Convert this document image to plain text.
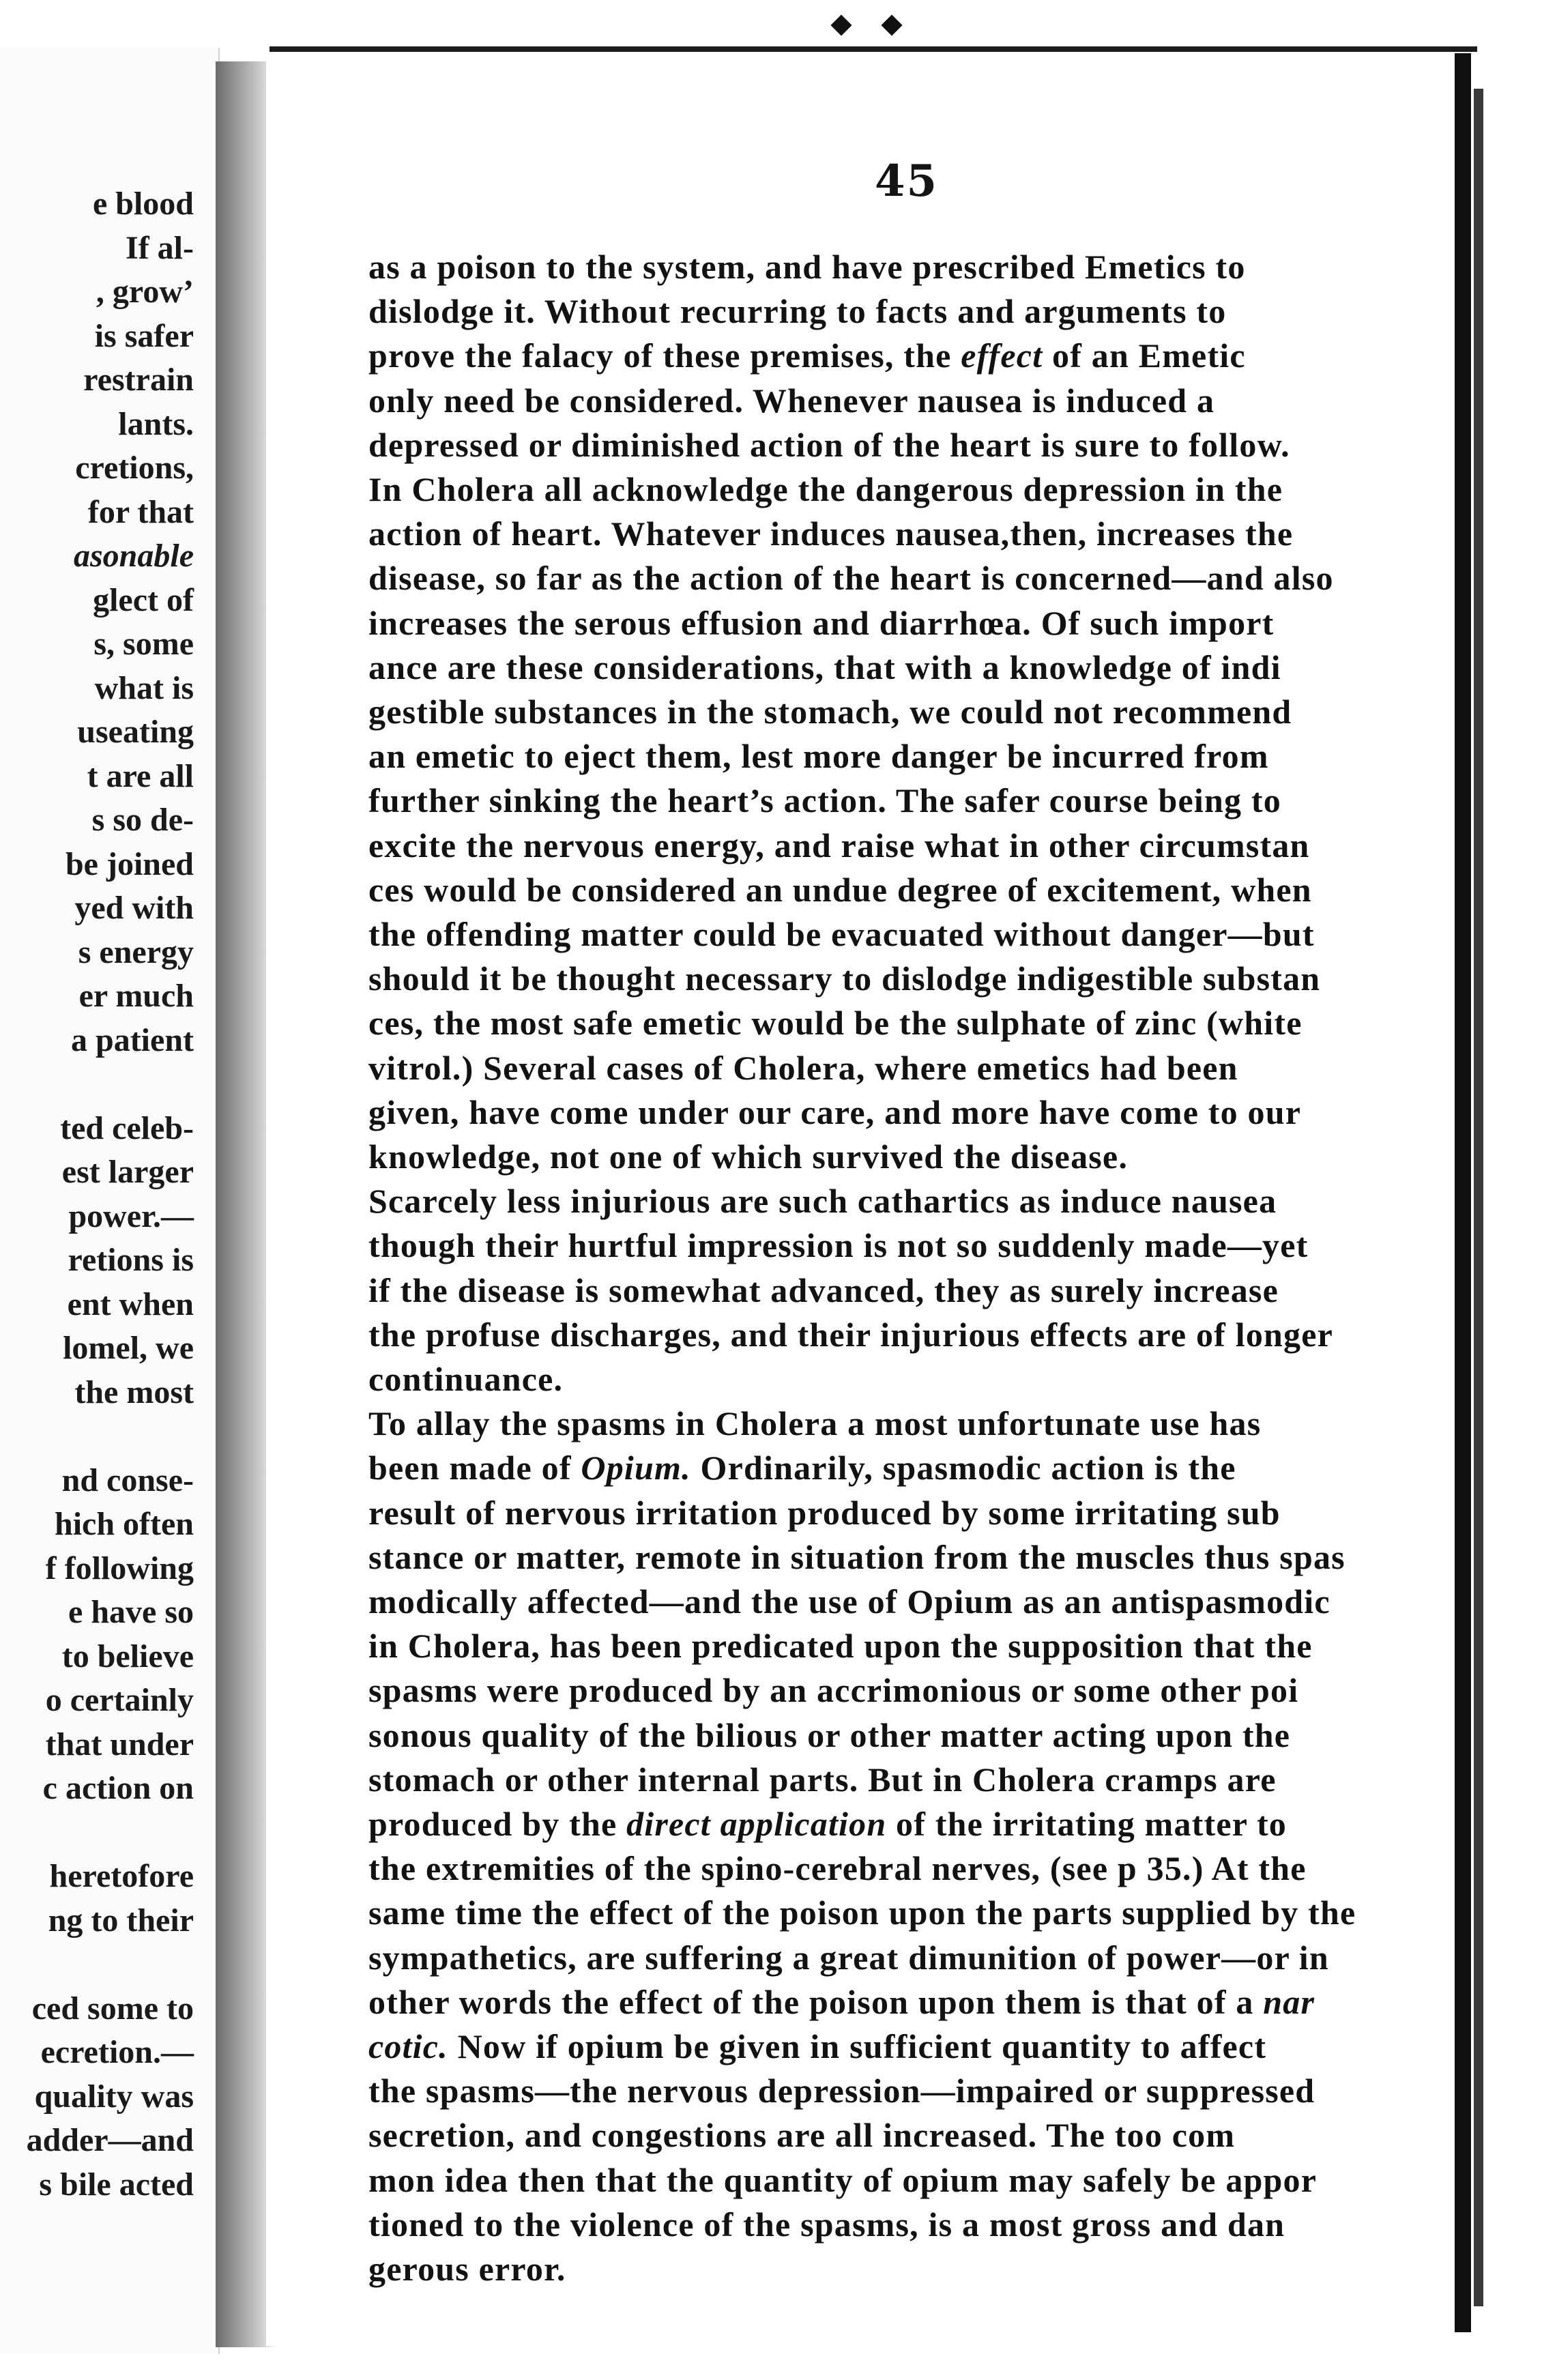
e blood
If al-
, grow’
is safer
restrain
lants.
cretions,
for that
asonable
glect of
s, some
what is
useating
t are all
s so de-
be joined
yed with
s energy
er much
a patient
ted celeb-
est larger
power.—
retions is
ent when
lomel, we
the most
nd conse-
hich often
f following
e have so
to believe
o certainly
that under
c action on
heretofore
ng to their
ced some to
ecretion.—
quality was
adder—and
s bile acted
45
as a poison to the system, and have prescribed Emetics to
dislodge it. Without recurring to facts and arguments to
prove the falacy of these premises, the effect of an Emetic
only need be considered. Whenever nausea is induced a
depressed or diminished action of the heart is sure to follow.
In Cholera all acknowledge the dangerous depression in the
action of heart. Whatever induces nausea,then, increases the
disease, so far as the action of the heart is concerned—and also
increases the serous effusion and diarrhœa. Of such import
ance are these considerations, that with a knowledge of indi
gestible substances in the stomach, we could not recommend
an emetic to eject them, lest more danger be incurred from
further sinking the heart’s action. The safer course being to
excite the nervous energy, and raise what in other circumstan
ces would be considered an undue degree of excitement, when
the offending matter could be evacuated without danger—but
should it be thought necessary to dislodge indigestible substan
ces, the most safe emetic would be the sulphate of zinc (white
vitrol.) Several cases of Cholera, where emetics had been
given, have come under our care, and more have come to our
knowledge, not one of which survived the disease.
Scarcely less injurious are such cathartics as induce nausea
though their hurtful impression is not so suddenly made—yet
if the disease is somewhat advanced, they as surely increase
the profuse discharges, and their injurious effects are of longer
continuance.
To allay the spasms in Cholera a most unfortunate use has
been made of Opium. Ordinarily, spasmodic action is the
result of nervous irritation produced by some irritating sub
stance or matter, remote in situation from the muscles thus spas
modically affected—and the use of Opium as an antispasmodic
in Cholera, has been predicated upon the supposition that the
spasms were produced by an accrimonious or some other poi
sonous quality of the bilious or other matter acting upon the
stomach or other internal parts. But in Cholera cramps are
produced by the direct application of the irritating matter to
the extremities of the spino-cerebral nerves, (see p 35.) At the
same time the effect of the poison upon the parts supplied by the
sympathetics, are suffering a great dimunition of power—or in
other words the effect of the poison upon them is that of a nar
cotic. Now if opium be given in sufficient quantity to affect
the spasms—the nervous depression—impaired or suppressed
secretion, and congestions are all increased. The too com
mon idea then that the quantity of opium may safely be appor
tioned to the violence of the spasms, is a most gross and dan
gerous error.
